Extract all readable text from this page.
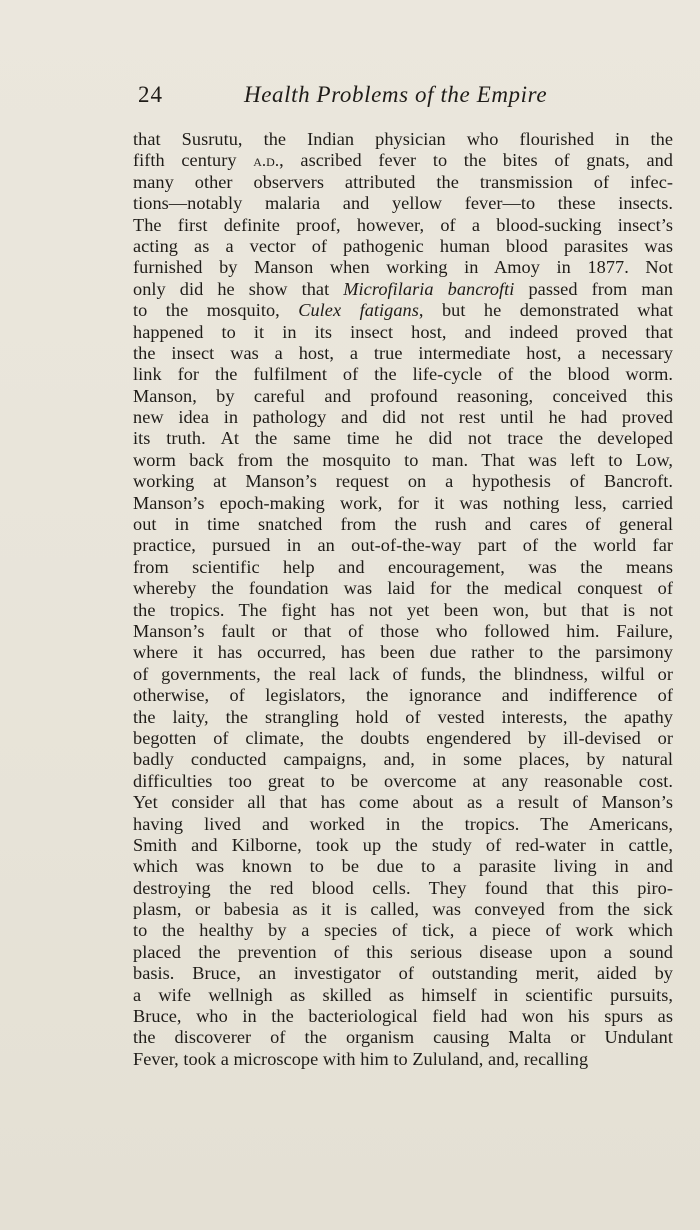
24	Health Problems of the Empire
that Susrutu, the Indian physician who flourished in the
fifth century a.d., ascribed fever to the bites of gnats, and
many other observers attributed the transmission of infec-
tions—notably malaria and yellow fever—to these insects.
The first definite proof, however, of a blood-sucking insect’s
acting as a vector of pathogenic human blood parasites was
furnished by Manson when working in Amoy in 1877. Not
only did he show that Microfilaria bancrofti passed from man
to the mosquito, Culex fatigans, but he demonstrated what
happened to it in its insect host, and indeed proved that
the insect was a host, a true intermediate host, a necessary
link for the fulfilment of the life-cycle of the blood worm.
Manson, by careful and profound reasoning, conceived this
new idea in pathology and did not rest until he had proved
its truth. At the same time he did not trace the developed
worm back from the mosquito to man. That was left to Low,
working at Manson’s request on a hypothesis of Bancroft.
Manson’s epoch-making work, for it was nothing less, carried
out in time snatched from the rush and cares of general
practice, pursued in an out-of-the-way part of the world far
from scientific help and encouragement, was the means
whereby the foundation was laid for the medical conquest of
the tropics. The fight has not yet been won, but that is not
Manson’s fault or that of those who followed him. Failure,
where it has occurred, has been due rather to the parsimony
of governments, the real lack of funds, the blindness, wilful or
otherwise, of legislators, the ignorance and indifference of
the laity, the strangling hold of vested interests, the apathy
begotten of climate, the doubts engendered by ill-devised or
badly conducted campaigns, and, in some places, by natural
difficulties too great to be overcome at any reasonable cost.
Yet consider all that has come about as a result of Manson’s
having lived and worked in the tropics. The Americans,
Smith and Kilborne, took up the study of red-water in cattle,
which was known to be due to a parasite living in and
destroying the red blood cells. They found that this piro-
plasm, or babesia as it is called, was conveyed from the sick
to the healthy by a species of tick, a piece of work which
placed the prevention of this serious disease upon a sound
basis. Bruce, an investigator of outstanding merit, aided by
a wife wellnigh as skilled as himself in scientific pursuits,
Bruce, who in the bacteriological field had won his spurs as
the discoverer of the organism causing Malta or Undulant
Fever, took a microscope with him to Zululand, and, recalling
